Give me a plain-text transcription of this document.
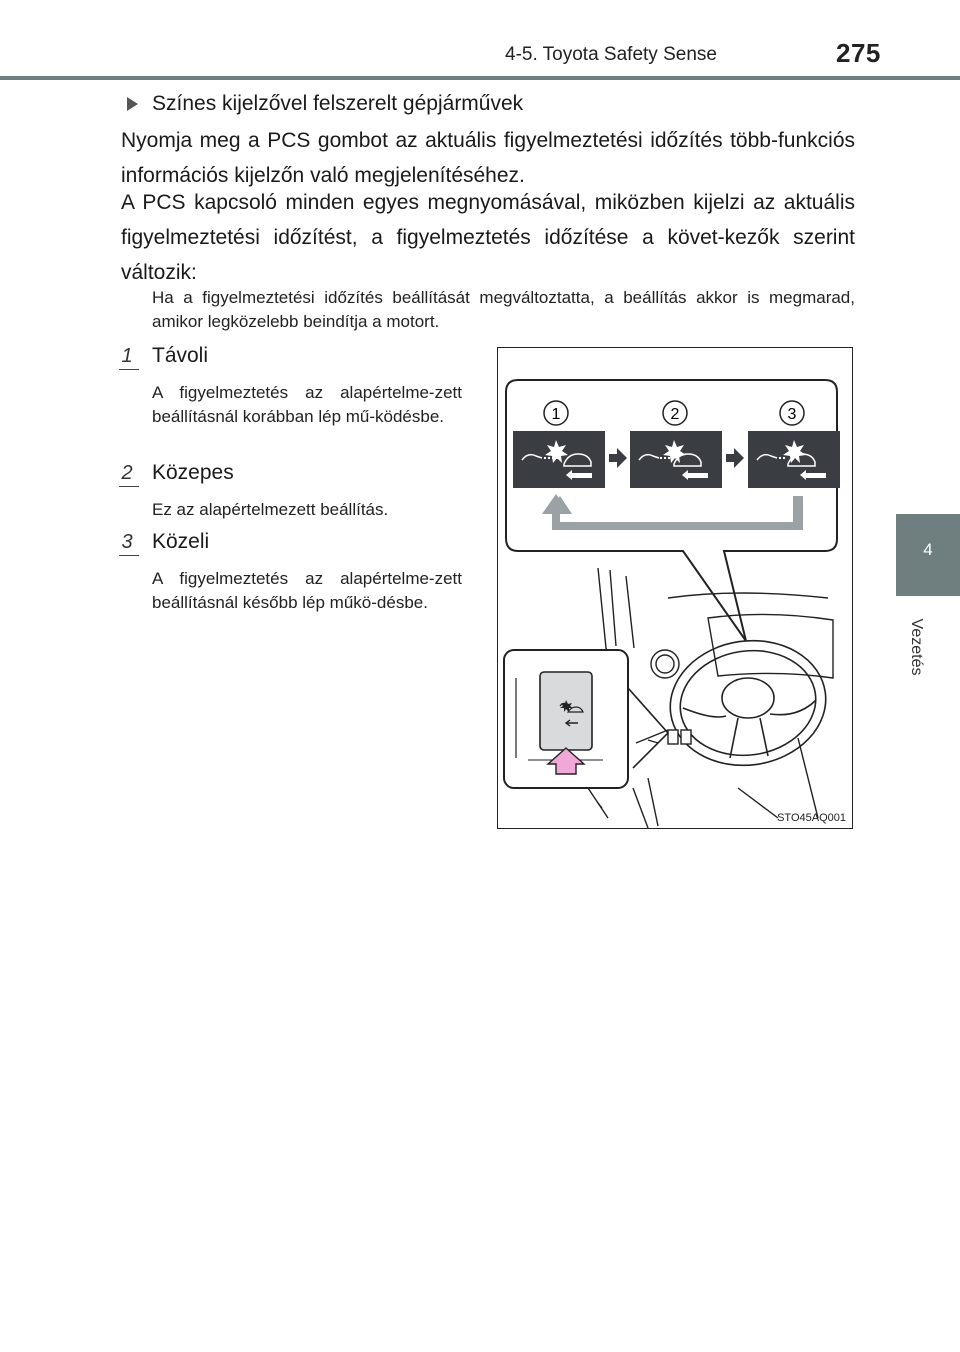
4-5. Toyota Safety Sense	275
4
Vezetés
Színes kijelzővel felszerelt gépjárművek

Nyomja meg a PCS gombot az aktuális figyelmeztetési időzítés több-funkciós információs kijelzőn való megjelenítéséhez.

A PCS kapcsoló minden egyes megnyomásával, miközben kijelzi az aktuális figyelmeztetési időzítést, a figyelmeztetés időzítése a követ-kezők szerint változik:

Ha a figyelmeztetési időzítés beállítását megváltoztatta, a beállítás akkor is megmarad, amikor legközelebb beindítja a motort.

1 Távoli

A figyelmeztetés az alapértelme-zett beállításnál korábban lép mű-ködésbe.

2 Közepes

Ez az alapértelmezett beállítás.

3 Közeli

A figyelmeztetés az alapértelme-zett beállításnál később lép műkö-désbe.

1	2	3
STO45AQ001
